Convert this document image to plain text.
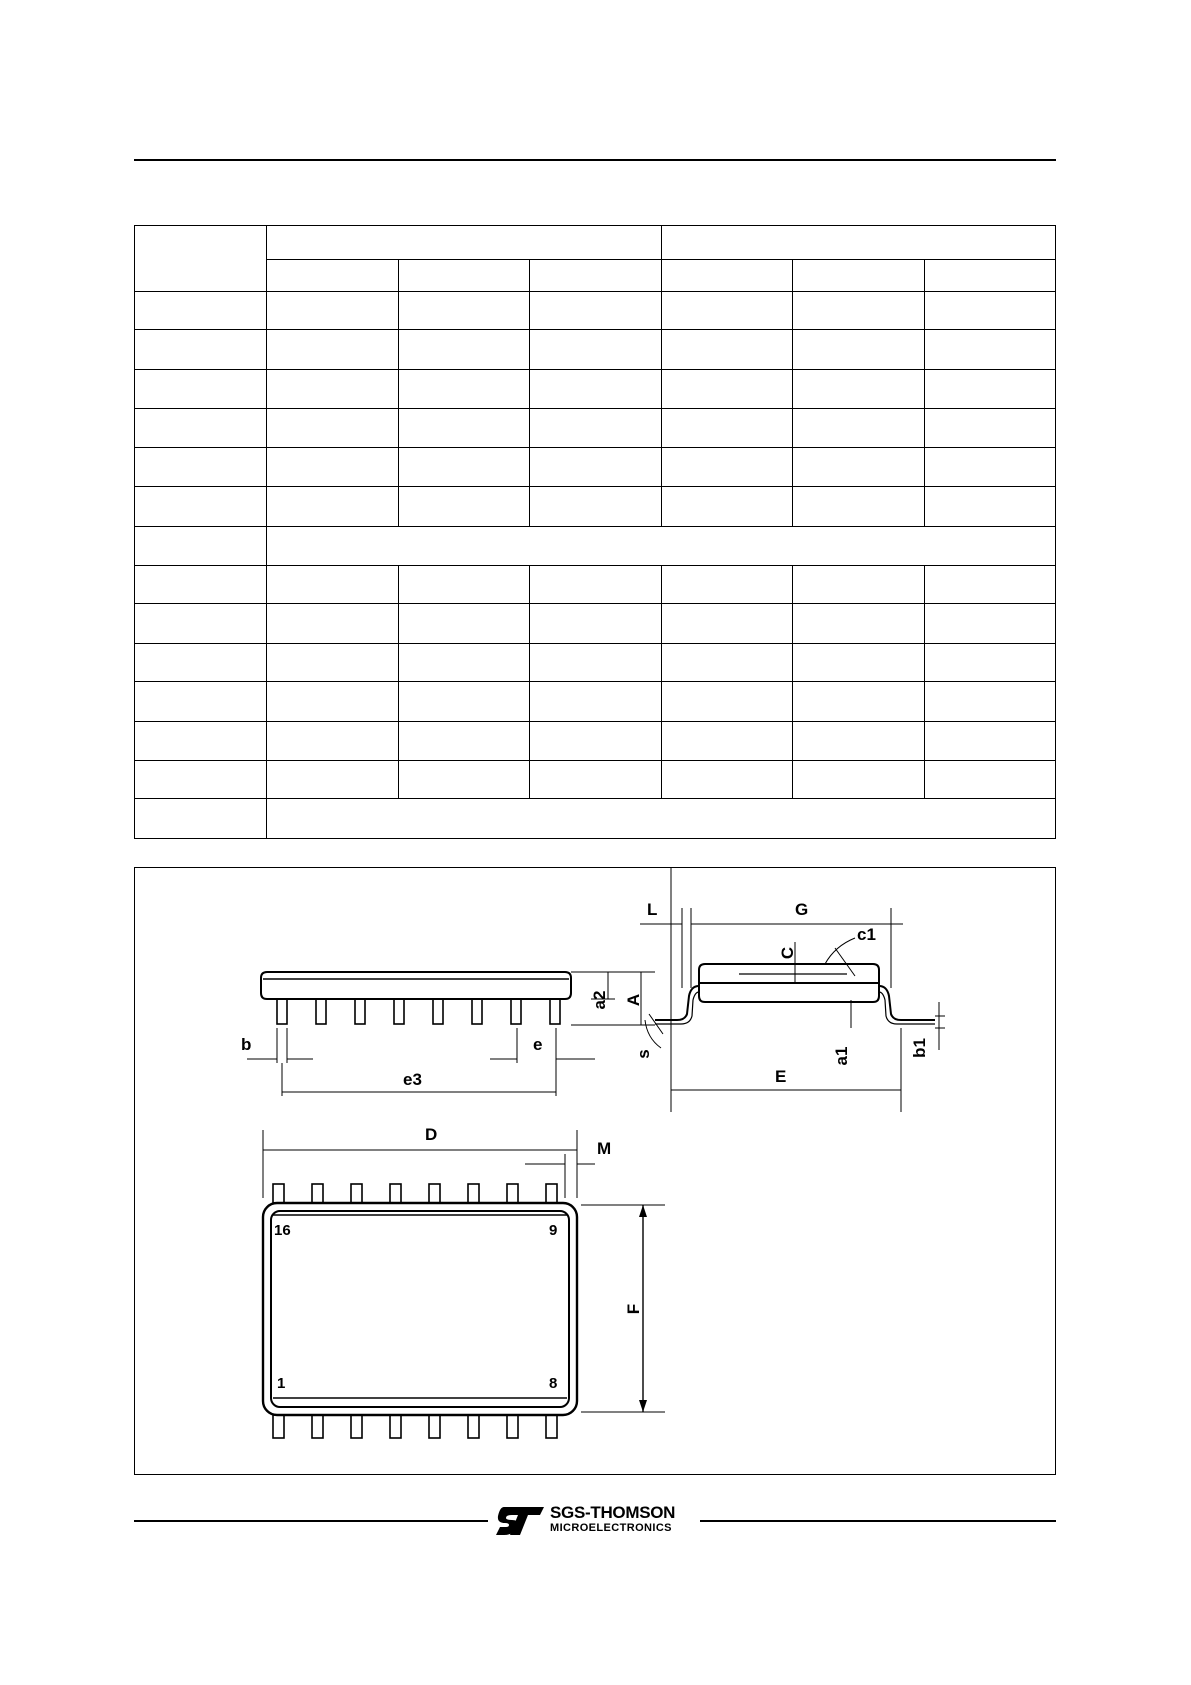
a2 A
b	e
e3
L	G
C
c1
a1	b1
s
E
D
M
16	9
1	8
F
SGS-THOMSON
MICROELECTRONICS
